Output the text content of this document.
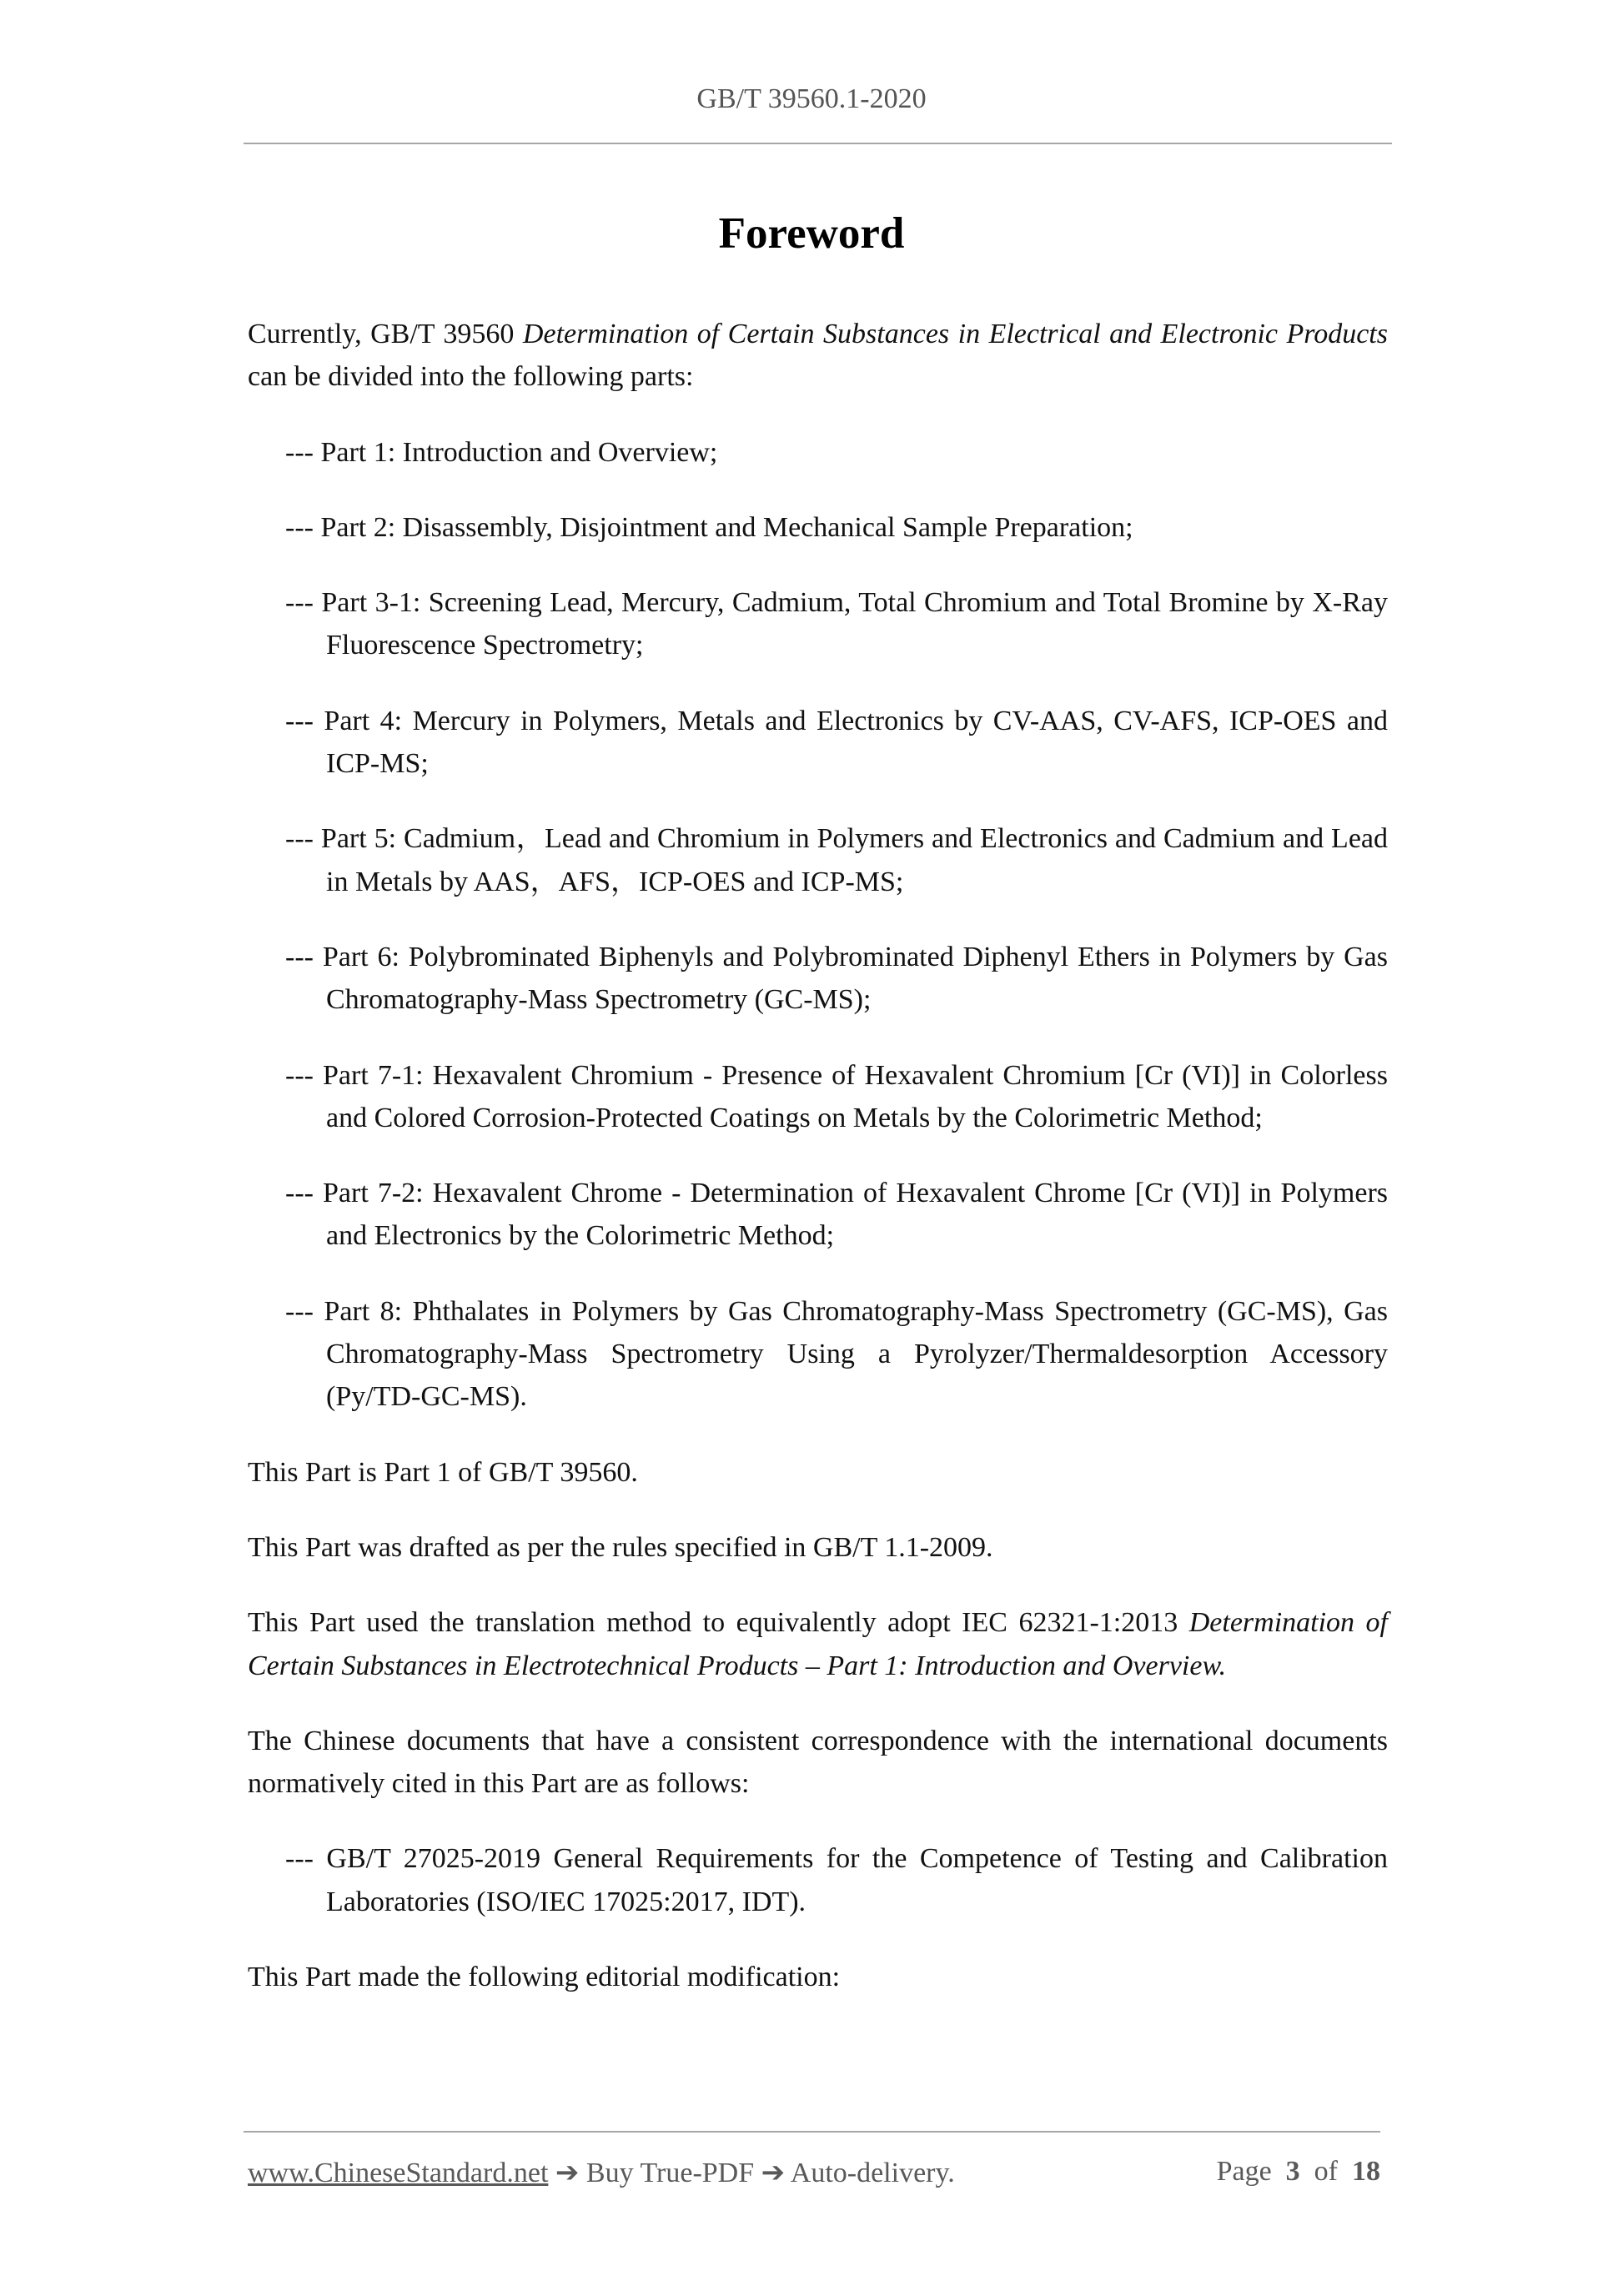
GB/T 39560.1-2020
Foreword

Currently, GB/T 39560 Determination of Certain Substances in Electrical and Electronic Products can be divided into the following parts:

--- Part 1: Introduction and Overview;

--- Part 2: Disassembly, Disjointment and Mechanical Sample Preparation;

--- Part 3-1: Screening Lead, Mercury, Cadmium, Total Chromium and Total Bromine by X-Ray Fluorescence Spectrometry;

--- Part 4: Mercury in Polymers, Metals and Electronics by CV-AAS, CV-AFS, ICP-OES and ICP-MS;

--- Part 5: Cadmium，Lead and Chromium in Polymers and Electronics and Cadmium and Lead in Metals by AAS，AFS，ICP-OES and ICP-MS;

--- Part 6: Polybrominated Biphenyls and Polybrominated Diphenyl Ethers in Polymers by Gas Chromatography-Mass Spectrometry (GC-MS);

--- Part 7-1: Hexavalent Chromium - Presence of Hexavalent Chromium [Cr (VI)] in Colorless and Colored Corrosion-Protected Coatings on Metals by the Colorimetric Method;

--- Part 7-2: Hexavalent Chrome - Determination of Hexavalent Chrome [Cr (VI)] in Polymers and Electronics by the Colorimetric Method;

--- Part 8: Phthalates in Polymers by Gas Chromatography-Mass Spectrometry (GC-MS), Gas Chromatography-Mass Spectrometry Using a Pyrolyzer/Thermaldesorption Accessory (Py/TD-GC-MS).

This Part is Part 1 of GB/T 39560.

This Part was drafted as per the rules specified in GB/T 1.1-2009.

This Part used the translation method to equivalently adopt IEC 62321-1:2013 Determination of Certain Substances in Electrotechnical Products – Part 1: Introduction and Overview.

The Chinese documents that have a consistent correspondence with the international documents normatively cited in this Part are as follows:

--- GB/T 27025-2019 General Requirements for the Competence of Testing and Calibration Laboratories (ISO/IEC 17025:2017, IDT).

This Part made the following editorial modification:

www.ChineseStandard.net ➔ Buy True-PDF ➔ Auto-delivery.	Page 3 of 18
